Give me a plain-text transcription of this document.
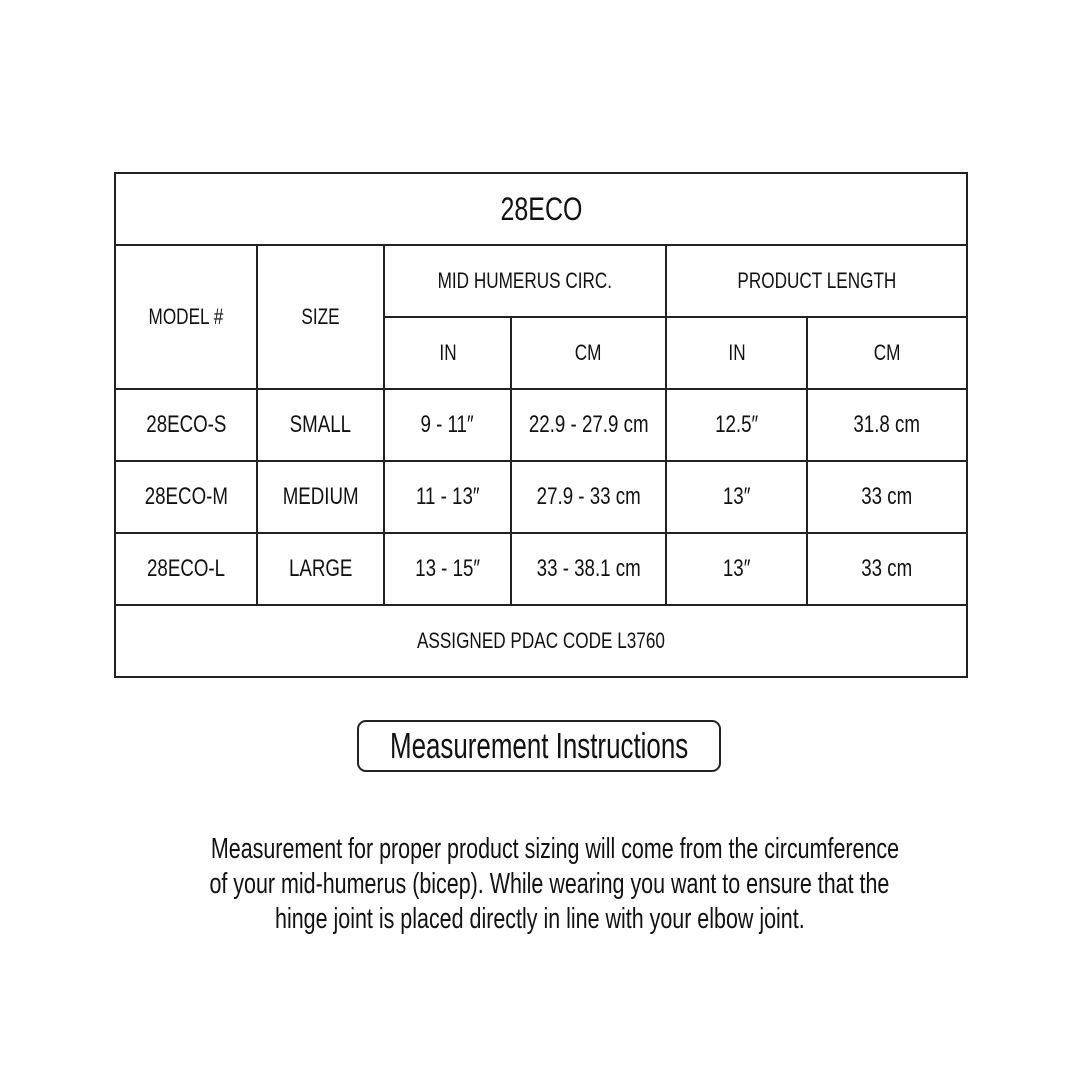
28ECO					
MODEL #	SIZE	MID HUMERUS CIRC.		PRODUCT LENGTH	
		IN	CM	IN	CM
28ECO-S	SMALL	9 - 11″	22.9 - 27.9 cm	12.5″	31.8 cm
28ECO-M	MEDIUM	11 - 13″	27.9 - 33 cm	13″	33 cm
28ECO-L	LARGE	13 - 15″	33 - 38.1 cm	13″	33 cm
ASSIGNED PDAC CODE L3760					
Measurement Instructions
Measurement for proper product sizing will come from the circumference
of your mid-humerus (bicep). While wearing you want to ensure that the
hinge joint is placed directly in line with your elbow joint.
